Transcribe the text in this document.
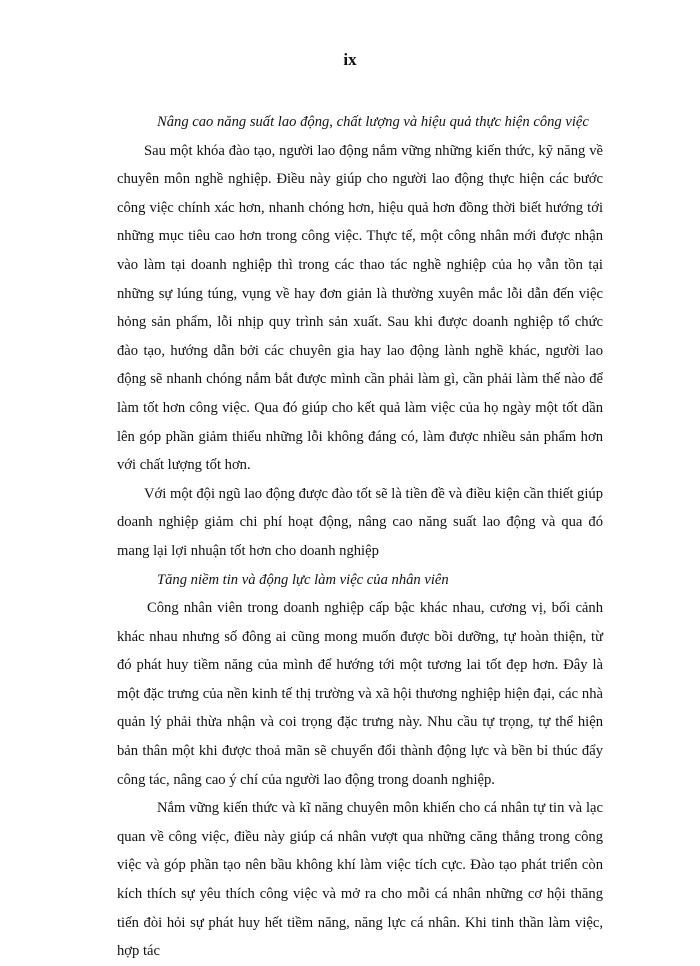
ix

Nâng cao năng suất lao động, chất lượng và hiệu quả thực hiện công việc

Sau một khóa đào tạo, người lao động nắm vững những kiến thức, kỹ năng về chuyên môn nghề nghiệp. Điều này giúp cho người lao động thực hiện các bước công việc chính xác hơn, nhanh chóng hơn, hiệu quả hơn đồng thời biết hướng tới những mục tiêu cao hơn trong công việc. Thực tế, một công nhân mới được nhận vào làm tại doanh nghiệp thì trong các thao tác nghề nghiệp của họ vẫn tồn tại những sự lúng túng, vụng về hay đơn giản là thường xuyên mắc lỗi dẫn đến việc hỏng sản phẩm, lỗi nhịp quy trình sản xuất. Sau khi được doanh nghiệp tổ chức đào tạo, hướng dẫn bởi các chuyên gia hay lao động lành nghề khác, người lao động sẽ nhanh chóng nắm bắt được mình cần phải làm gì, cần phải làm thế nào để làm tốt hơn công việc. Qua đó giúp cho kết quả làm việc của họ ngày một tốt dần lên góp phần giảm thiểu những lỗi không đáng có, làm được nhiều sản phẩm hơn với chất lượng tốt hơn.

Với một đội ngũ lao động được đào tốt sẽ là tiền đề và điều kiện cần thiết giúp doanh nghiệp giảm chi phí hoạt động, nâng cao năng suất lao động và qua đó mang lại lợi nhuận tốt hơn cho doanh nghiệp

Tăng niềm tin và động lực làm việc của nhân viên

Công nhân viên trong doanh nghiệp cấp bậc khác nhau, cương vị, bối cảnh khác nhau nhưng số đông ai cũng mong muốn được bồi dưỡng, tự hoàn thiện, từ đó phát huy tiềm năng của mình để hướng tới một tương lai tốt đẹp hơn. Đây là một đặc trưng của nền kinh tế thị trường và xã hội thương nghiệp hiện đại, các nhà quản lý phải thừa nhận và coi trọng đặc trưng này. Nhu cầu tự trọng, tự thể hiện bản thân một khi được thoả mãn sẽ chuyển đổi thành động lực và bền bỉ thúc đẩy công tác, nâng cao ý chí của người lao động trong doanh nghiệp.

Nắm vững kiến thức và kĩ năng chuyên môn khiến cho cá nhân tự tin và lạc quan về công việc, điều này giúp cá nhân vượt qua những căng thẳng trong công việc và góp phần tạo nên bầu không khí làm việc tích cực. Đào tạo phát triển còn kích thích sự yêu thích công việc và mở ra cho mỗi cá nhân những cơ hội thăng tiến đòi hỏi sự phát huy hết tiềm năng, năng lực cá nhân. Khi tinh thần làm việc, hợp tác
